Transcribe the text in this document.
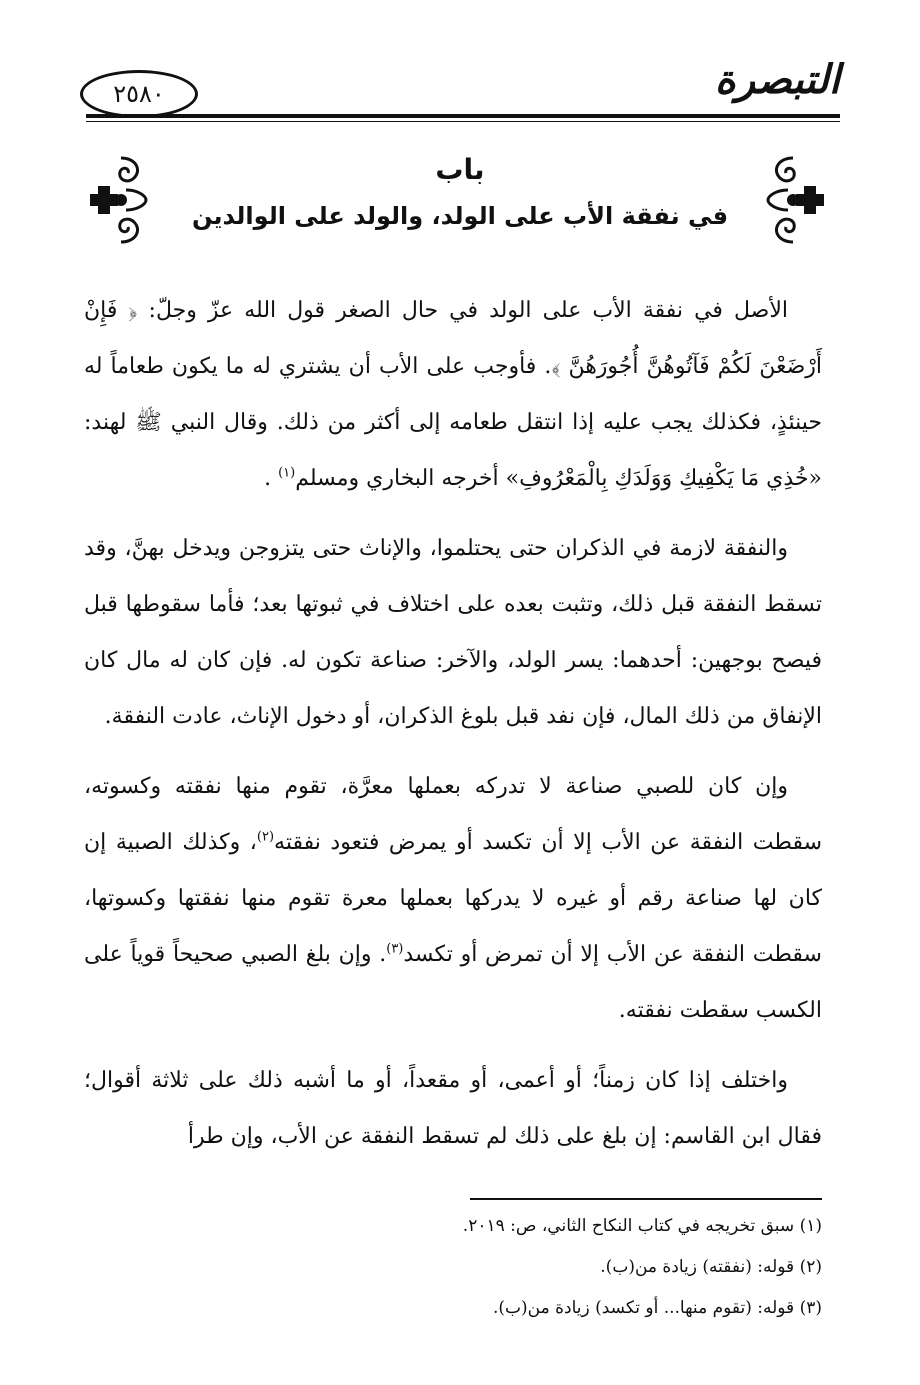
التبصرة
٢٥٨٠

باب

في نفقة الأب على الولد، والولد على الوالدين

الأصل في نفقة الأب على الولد في حال الصغر قول الله عزّ وجلّ: ﴿ فَإِنْ أَرْضَعْنَ لَكُمْ فَآتُوهُنَّ أُجُورَهُنَّ ﴾. فأوجب على الأب أن يشتري له ما يكون طعاماً له حينئذٍ، فكذلك يجب عليه إذا انتقل طعامه إلى أكثر من ذلك. وقال النبي ﷺ لهند: «خُذِي مَا يَكْفِيكِ وَوَلَدَكِ بِالْمَعْرُوفِ» أخرجه البخاري ومسلم$^{(١)}$ .

والنفقة لازمة في الذكران حتى يحتلموا، والإناث حتى يتزوجن ويدخل بهنَّ، وقد تسقط النفقة قبل ذلك، وتثبت بعده على اختلاف في ثبوتها بعد؛ فأما سقوطها قبل فيصح بوجهين: أحدهما: يسر الولد، والآخر: صناعة تكون له. فإن كان له مال كان الإنفاق من ذلك المال، فإن نفد قبل بلوغ الذكران، أو دخول الإناث، عادت النفقة.

وإن كان للصبي صناعة لا تدركه بعملها معرَّة، تقوم منها نفقته وكسوته، سقطت النفقة عن الأب إلا أن تكسد أو يمرض فتعود نفقته$^{(٢)}$، وكذلك الصبية إن كان لها صناعة رقم أو غيره لا يدركها بعملها معرة تقوم منها نفقتها وكسوتها، سقطت النفقة عن الأب إلا أن تمرض أو تكسد$^{(٣)}$. وإن بلغ الصبي صحيحاً قوياً على الكسب سقطت نفقته.

واختلف إذا كان زمناً؛ أو أعمى، أو مقعداً، أو ما أشبه ذلك على ثلاثة أقوال؛ فقال ابن القاسم: إن بلغ على ذلك لم تسقط النفقة عن الأب، وإن طرأ

(١) سبق تخريجه في كتاب النكاح الثاني، ص: ٢٠١٩.

(٢) قوله: (نفقته) زيادة من(ب).

(٣) قوله: (تقوم منها... أو تكسد) زيادة من(ب).
